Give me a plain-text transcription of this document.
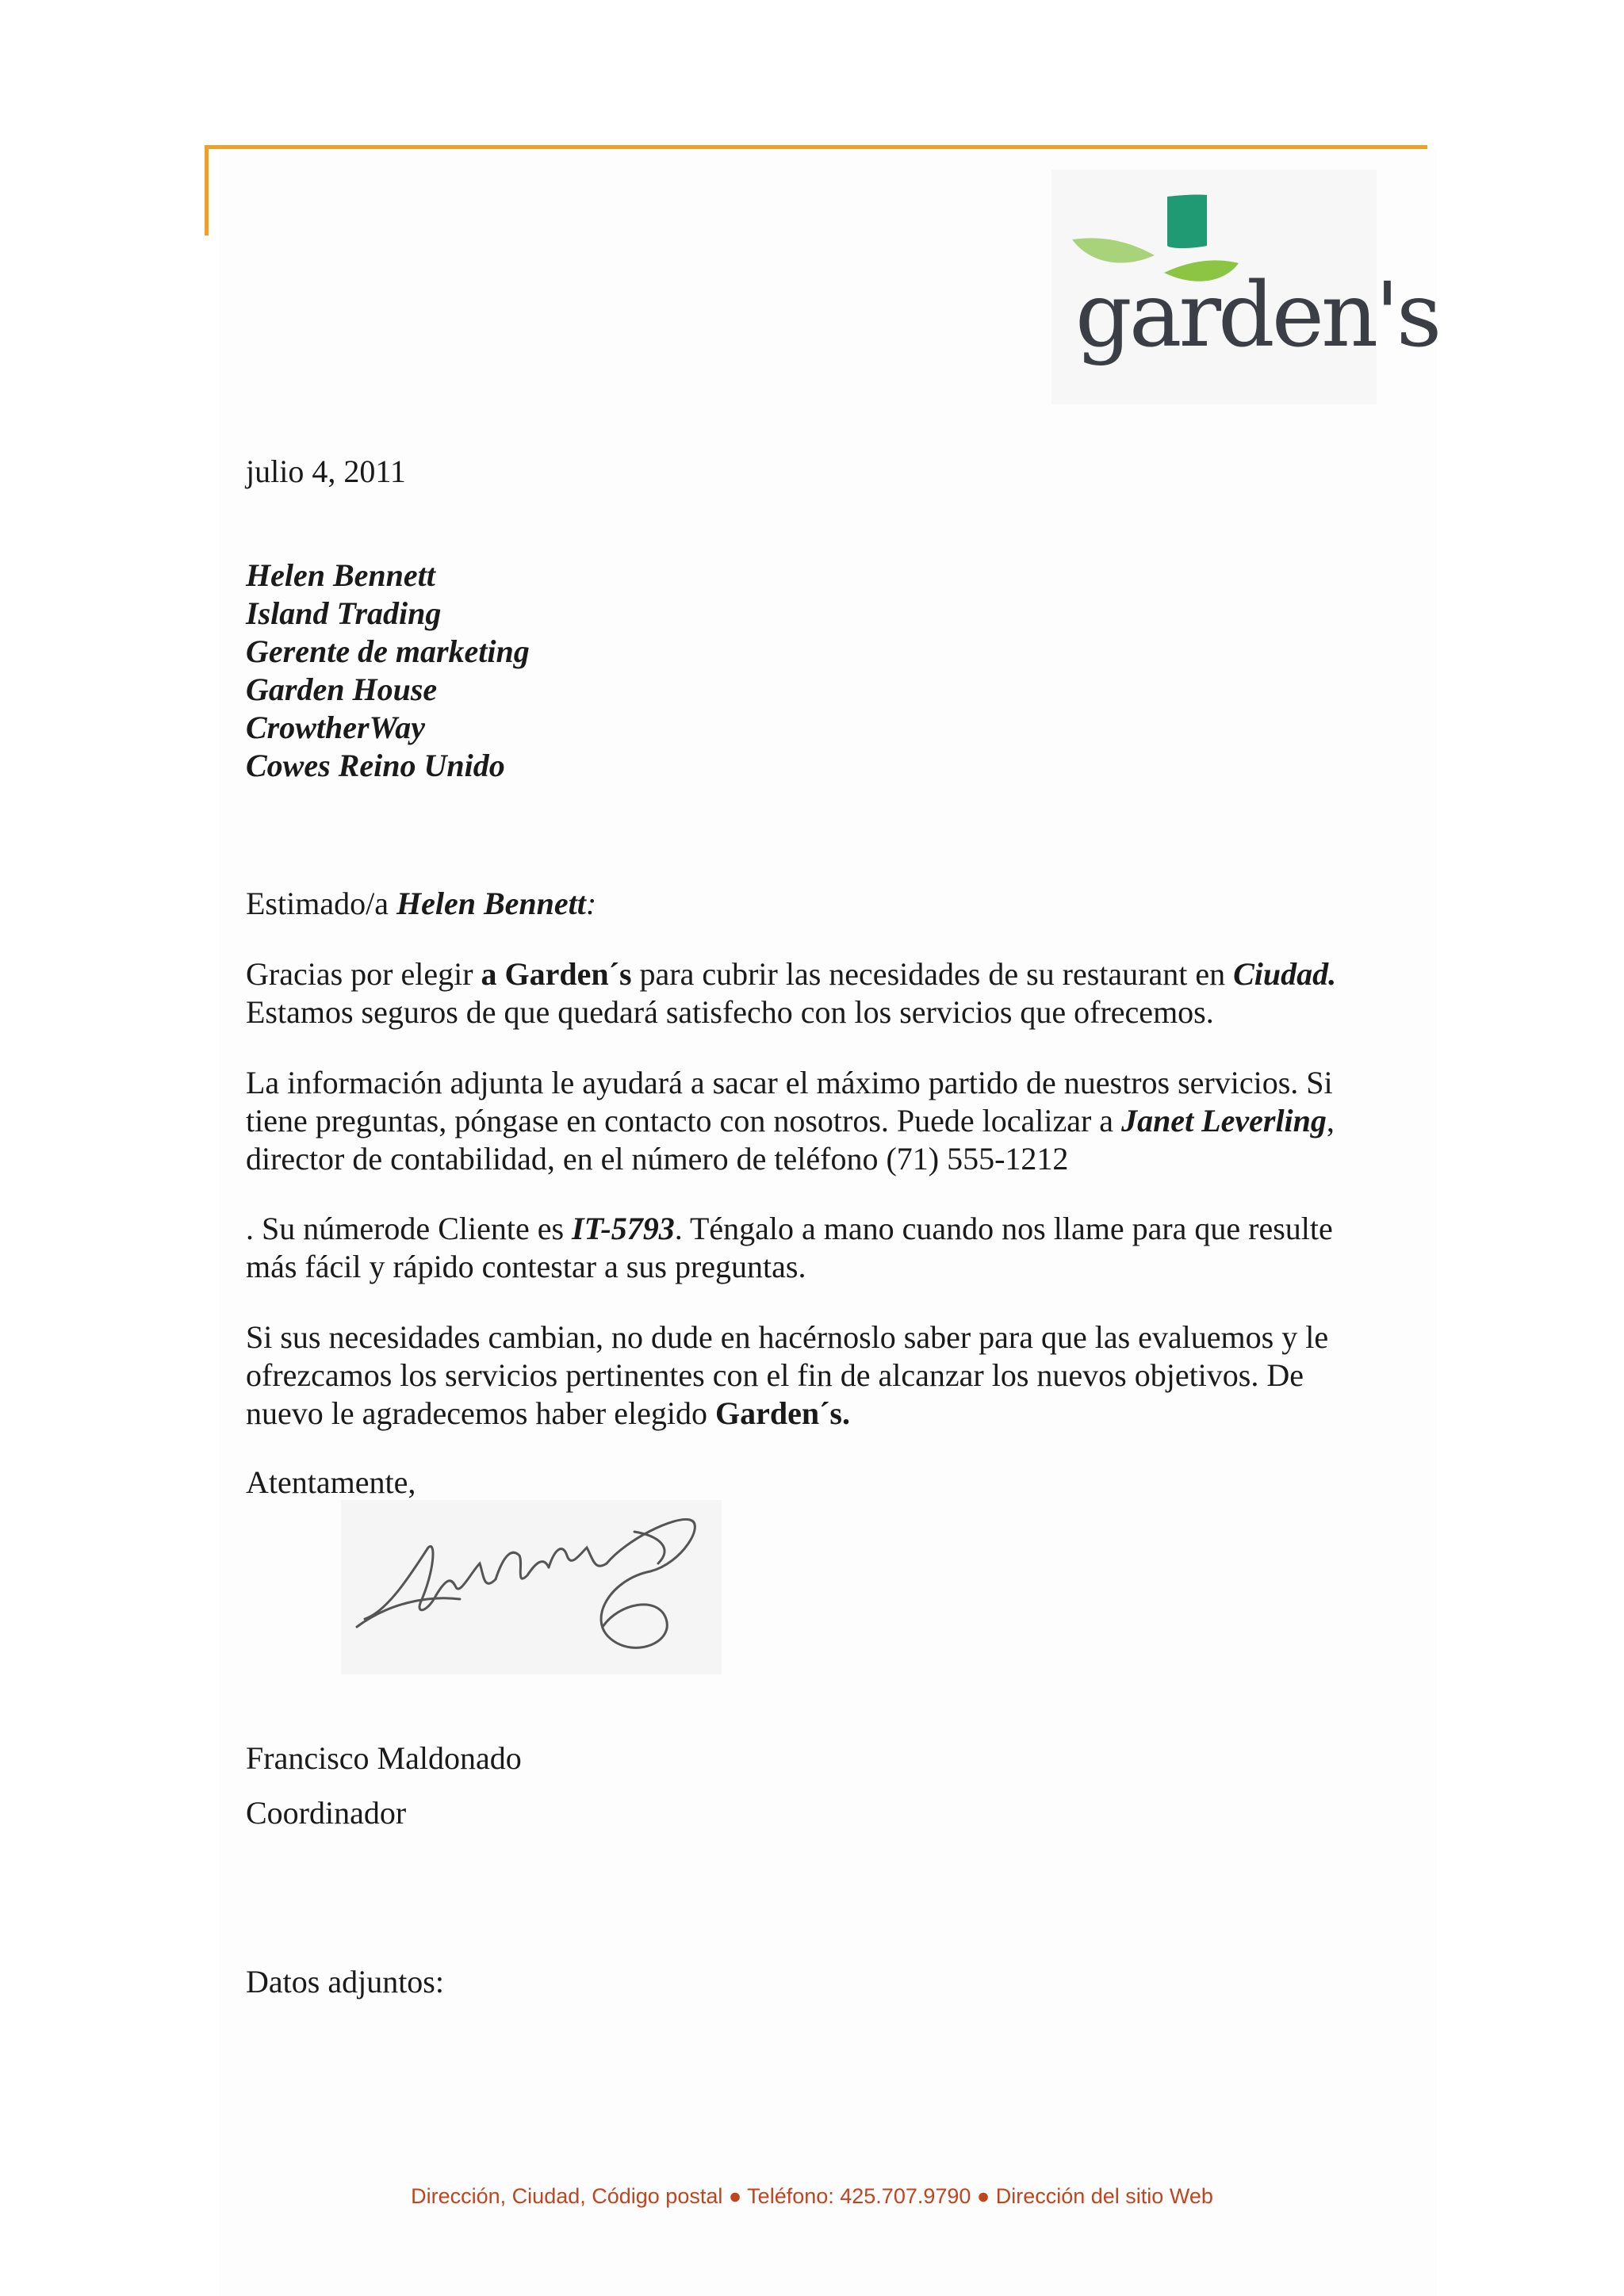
garden's
julio 4, 2011
Helen Bennett
Island Trading
Gerente de marketing
Garden House
CrowtherWay
Cowes Reino Unido
Estimado/a Helen Bennett:
Gracias por elegir a Garden´s para cubrir las necesidades de su restaurant en Ciudad.
Estamos seguros de que quedará satisfecho con los servicios que ofrecemos.
La información adjunta le ayudará a sacar el máximo partido de nuestros servicios. Si tiene preguntas, póngase en contacto con nosotros. Puede localizar a Janet Leverling, director de contabilidad, en el número de teléfono (71) 555-1212
. Su númerode Cliente es IT-5793. Téngalo a mano cuando nos llame para que resulte más fácil y rápido contestar a sus preguntas.
Si sus necesidades cambian, no dude en hacérnoslo saber para que las evaluemos y le ofrezcamos los servicios pertinentes con el fin de alcanzar los nuevos objetivos. De nuevo le agradecemos haber elegido Garden´s.
Atentamente,
Francisco Maldonado
Coordinador
Datos adjuntos:
Dirección, Ciudad, Código postal ● Teléfono: 425.707.9790 ● Dirección del sitio Web
